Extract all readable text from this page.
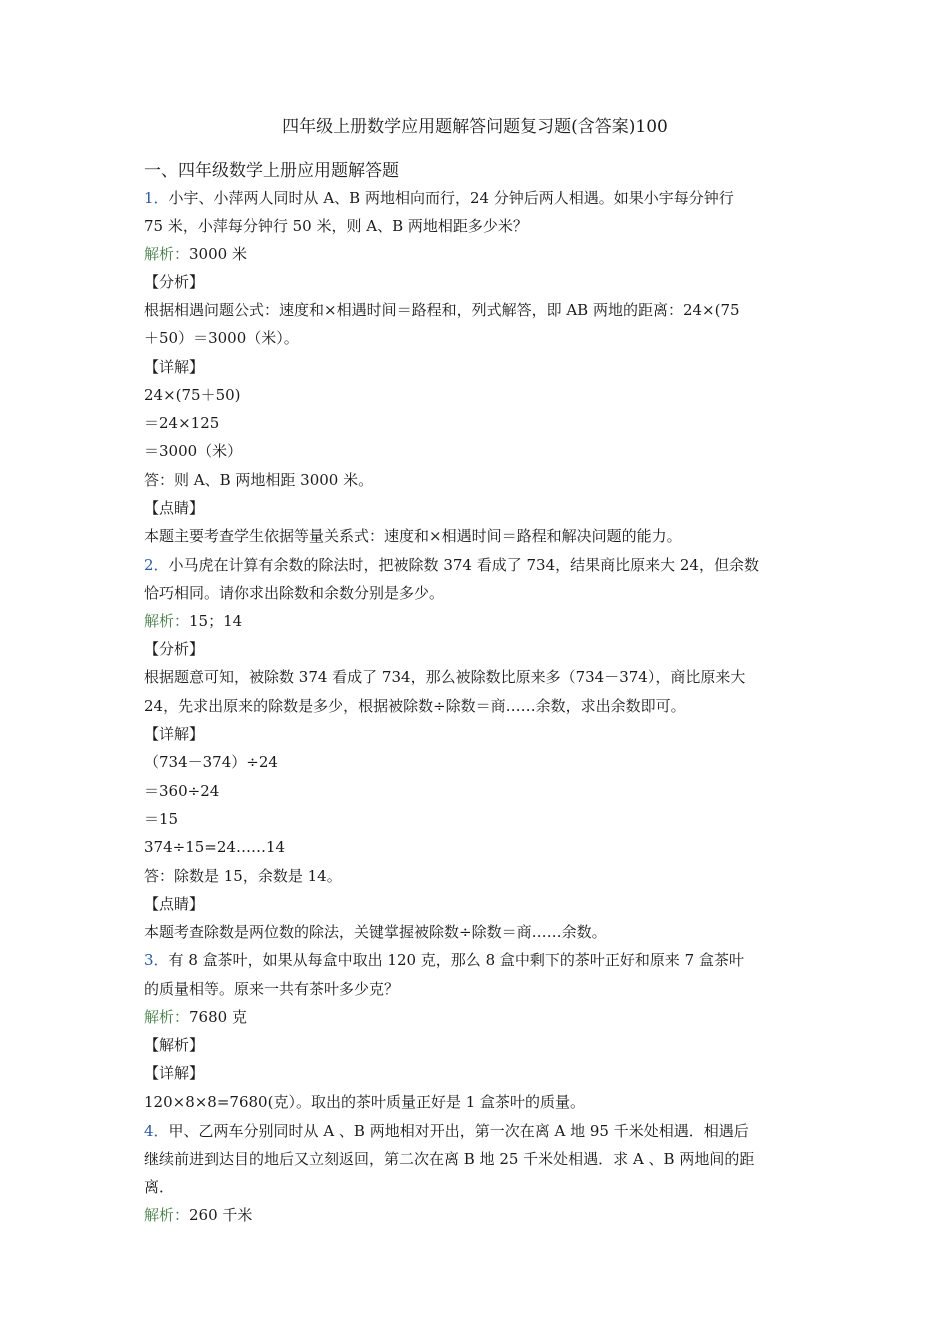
四年级上册数学应用题解答问题复习题(含答案)100
一、四年级数学上册应用题解答题
1．小宇、小萍两人同时从 A、B 两地相向而行，24 分钟后两人相遇。如果小宇每分钟行
75 米，小萍每分钟行 50 米，则 A、B 两地相距多少米？
解析：3000 米
【分析】
根据相遇问题公式：速度和×相遇时间＝路程和，列式解答，即 AB 两地的距离：24×(75
＋50）＝3000（米）。
【详解】
24×(75＋50)
＝24×125
＝3000（米）
答：则 A、B 两地相距 3000 米。
【点睛】
本题主要考查学生依据等量关系式：速度和×相遇时间＝路程和解决问题的能力。
2．小马虎在计算有余数的除法时，把被除数 374 看成了 734，结果商比原来大 24，但余数
恰巧相同。请你求出除数和余数分别是多少。
解析：15；14
【分析】
根据题意可知，被除数 374 看成了 734，那么被除数比原来多（734－374），商比原来大
24，先求出原来的除数是多少，根据被除数÷除数＝商……余数，求出余数即可。
【详解】
（734－374）÷24
＝360÷24
＝15
374÷15=24……14
答：除数是 15，余数是 14。
【点睛】
本题考查除数是两位数的除法，关键掌握被除数÷除数＝商……余数。
3．有 8 盒茶叶，如果从每盒中取出 120 克，那么 8 盒中剩下的茶叶正好和原来 7 盒茶叶
的质量相等。原来一共有茶叶多少克？
解析：7680 克
【解析】
【详解】
120×8×8=7680(克）。取出的茶叶质量正好是 1 盒茶叶的质量。
4．甲、乙两车分别同时从 A 、B 两地相对开出，第一次在离 A 地 95 千米处相遇．相遇后
继续前进到达目的地后又立刻返回，第二次在离 B 地 25 千米处相遇．求 A 、B 两地间的距
离．
解析：260 千米
